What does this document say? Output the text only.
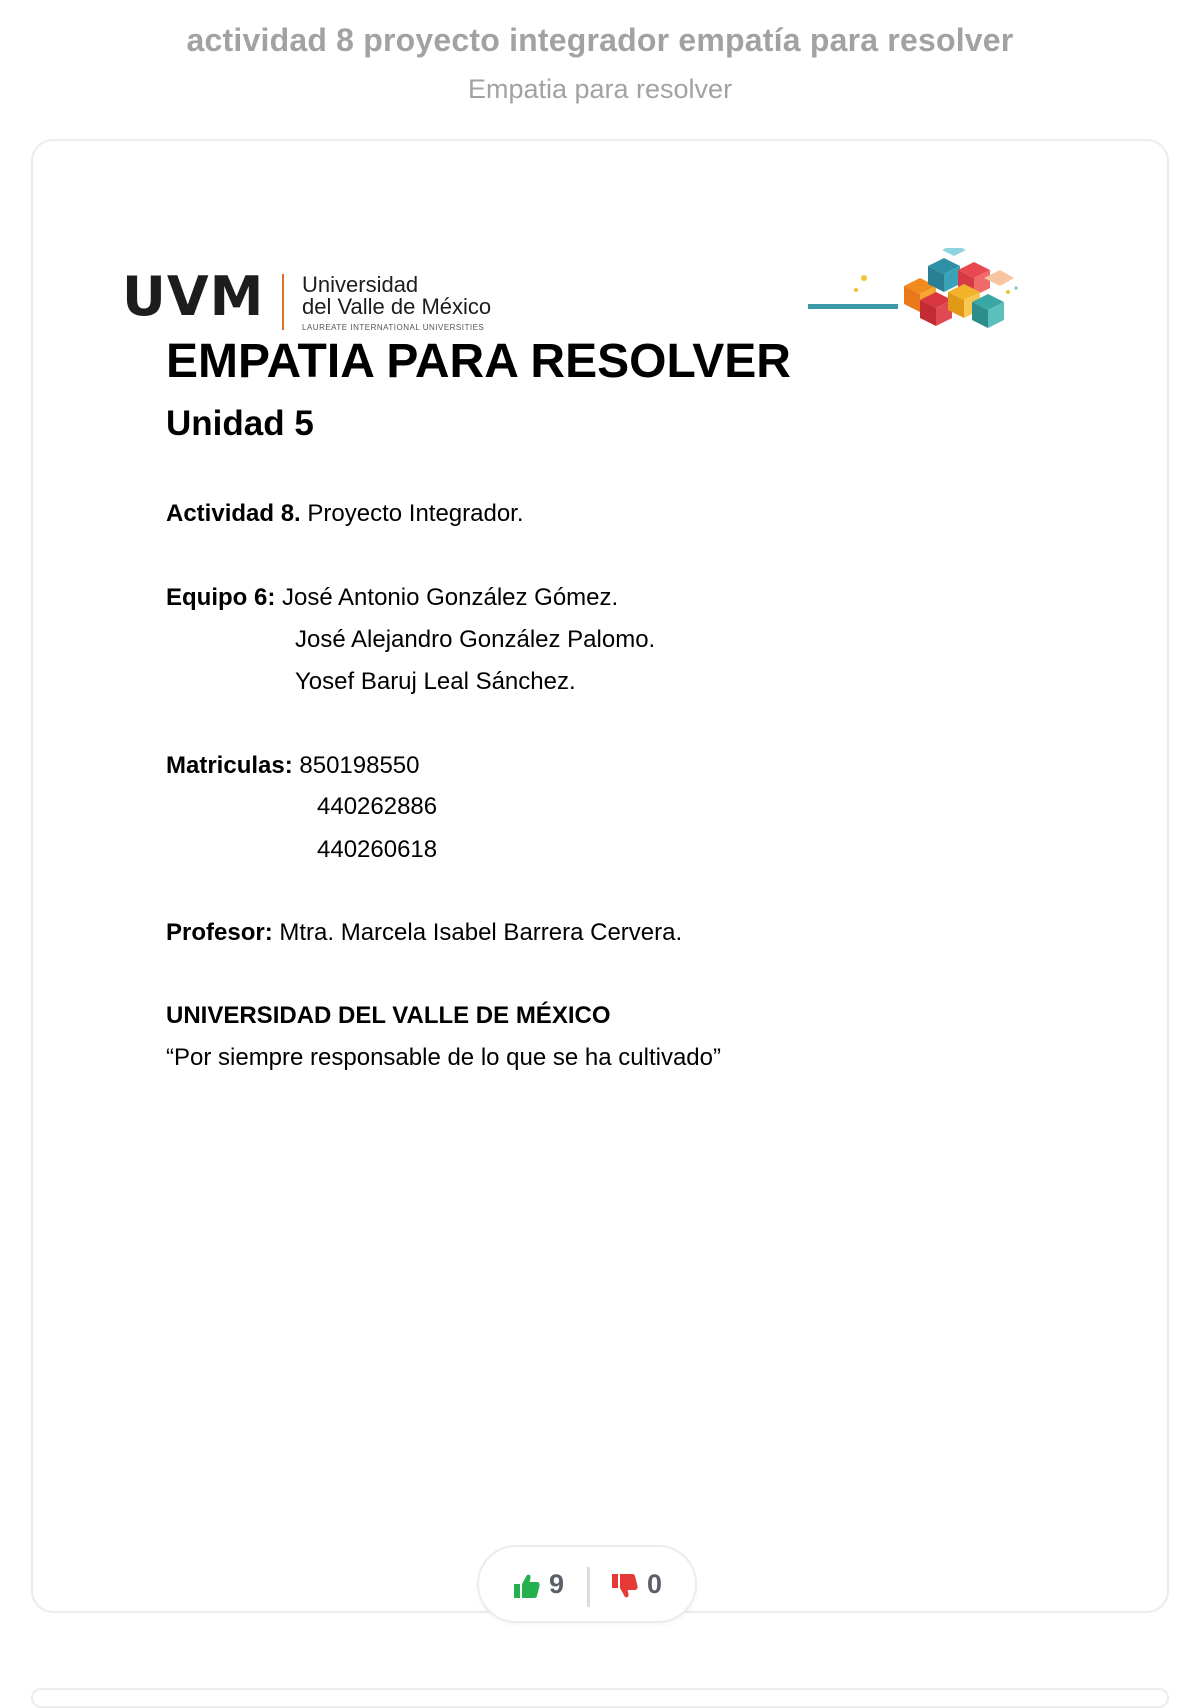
actividad 8 proyecto integrador empatía para resolver
Empatia para resolver
UVM Universidad
del Valle de México
LAUREATE INTERNATIONAL UNIVERSITIES
EMPATIA PARA RESOLVER
Unidad 5
Actividad 8. Proyecto Integrador.
Equipo 6: José Antonio González Gómez.
José Alejandro González Palomo.
Yosef Baruj Leal Sánchez.
Matriculas: 850198550
440262886
440260618
Profesor: Mtra. Marcela Isabel Barrera Cervera.
UNIVERSIDAD DEL VALLE DE MÉXICO
“Por siempre responsable de lo que se ha cultivado”
9	0
